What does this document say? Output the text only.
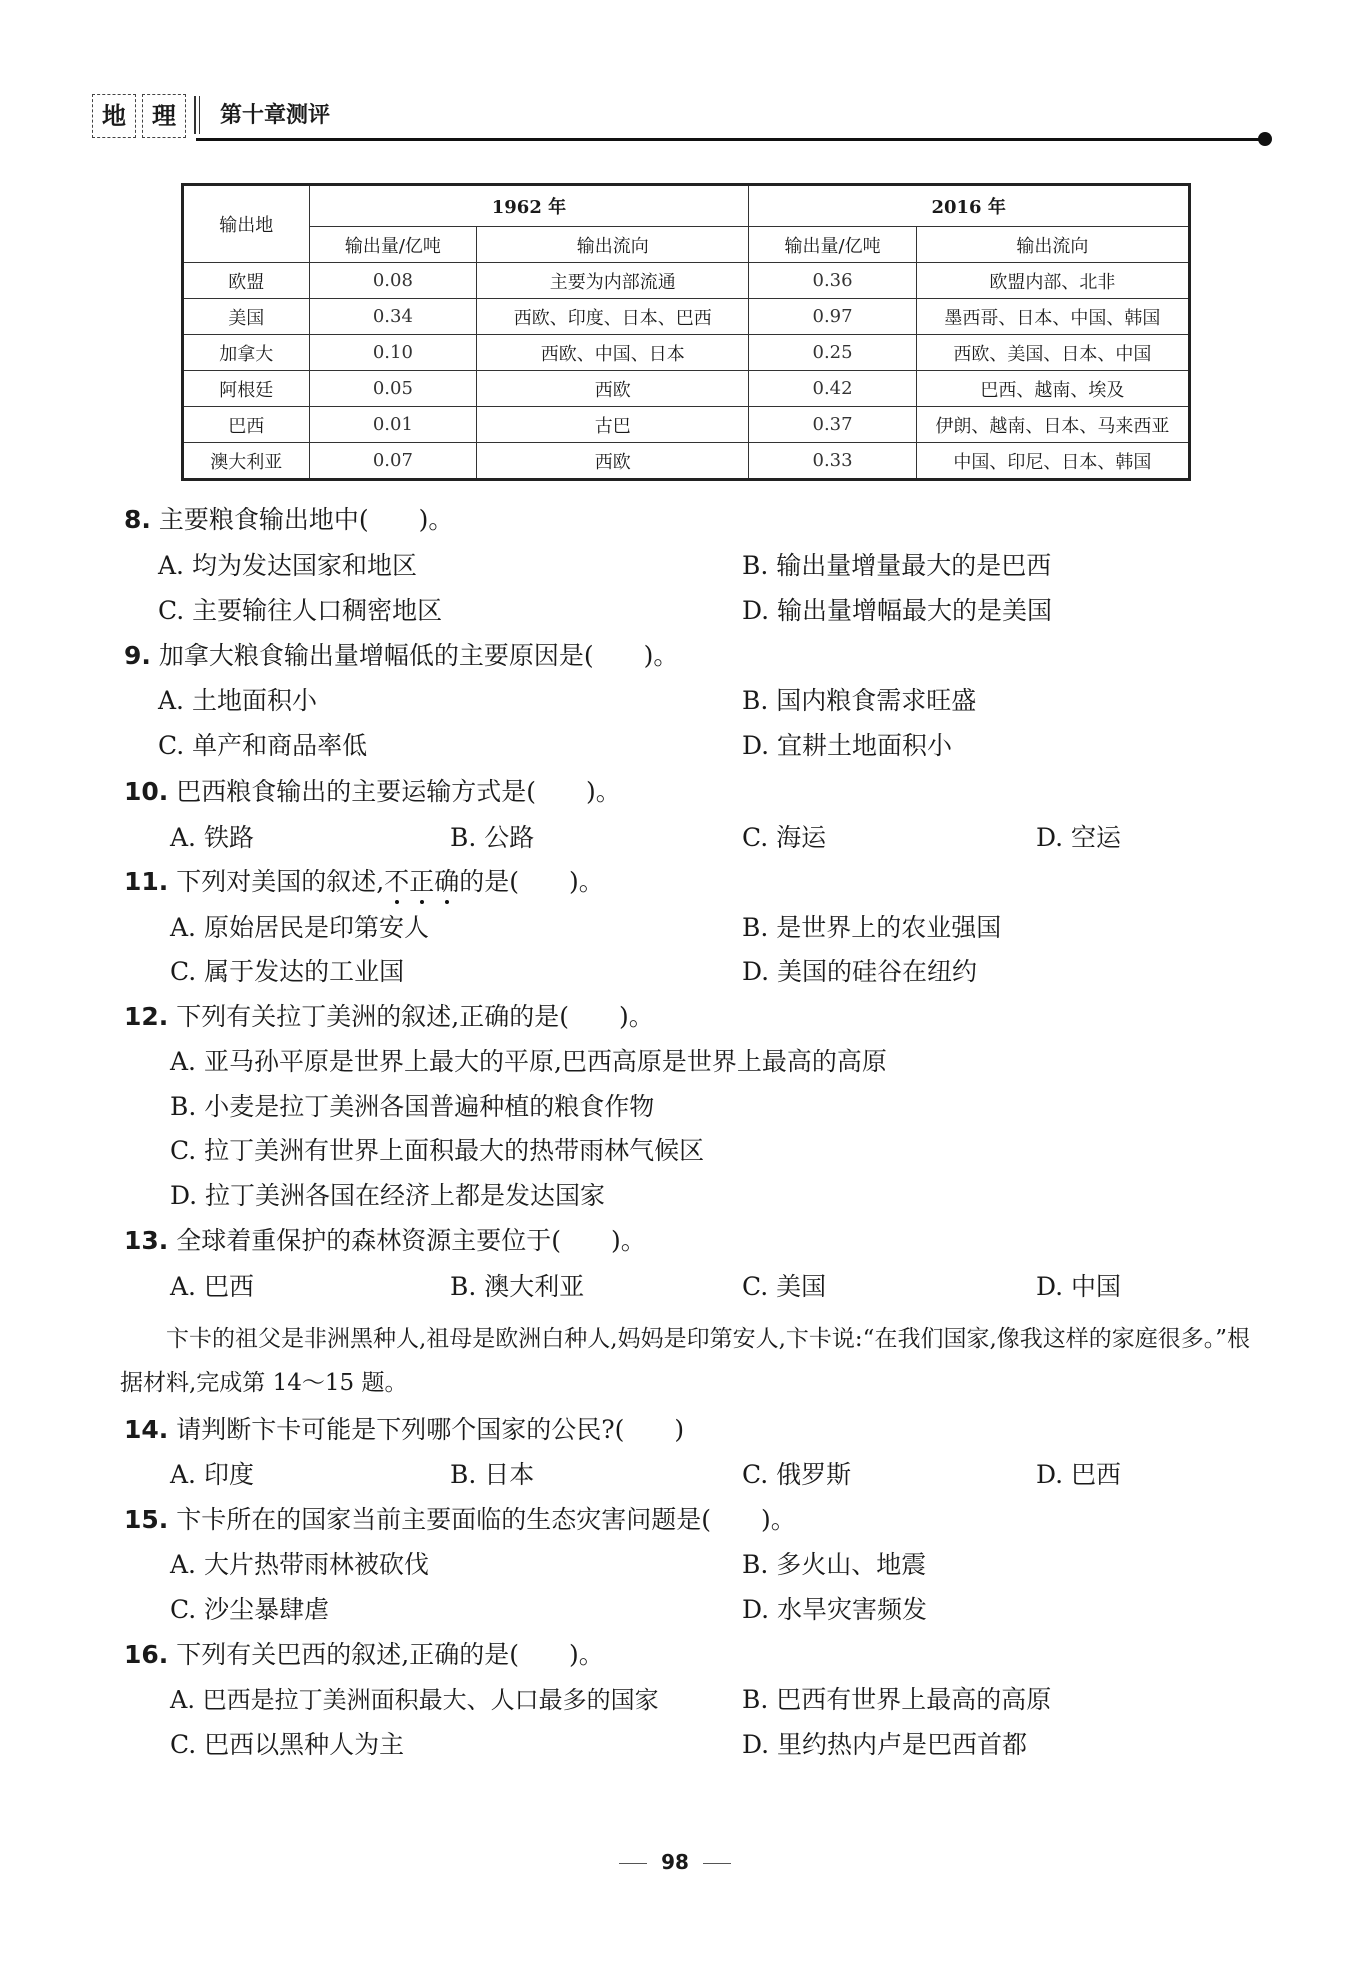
地	理	第十章测评
输出地	1962 年		2016 年	
	输出量/亿吨	输出流向	输出量/亿吨	输出流向
欧盟	0.08	主要为内部流通	0.36	欧盟内部、北非
美国	0.34	西欧、印度、日本、巴西	0.97	墨西哥、日本、中国、韩国
加拿大	0.10	西欧、中国、日本	0.25	西欧、美国、日本、中国
阿根廷	0.05	西欧	0.42	巴西、越南、埃及
巴西	0.01	古巴	0.37	伊朗、越南、日本、马来西亚
澳大利亚	0.07	西欧	0.33	中国、印尼、日本、韩国
8. 主要粮食输出地中(　　)。
A. 均为发达国家和地区	B. 输出量增量最大的是巴西
C. 主要输往人口稠密地区	D. 输出量增幅最大的是美国
9. 加拿大粮食输出量增幅低的主要原因是(　　)。
A. 土地面积小	B. 国内粮食需求旺盛
C. 单产和商品率低	D. 宜耕土地面积小
10. 巴西粮食输出的主要运输方式是(　　)。
A. 铁路	B. 公路	C. 海运	D. 空运
11. 下列对美国的叙述,不正确的是(　　)。
A. 原始居民是印第安人	B. 是世界上的农业强国
C. 属于发达的工业国	D. 美国的硅谷在纽约
12. 下列有关拉丁美洲的叙述,正确的是(　　)。
A. 亚马孙平原是世界上最大的平原,巴西高原是世界上最高的高原
B. 小麦是拉丁美洲各国普遍种植的粮食作物
C. 拉丁美洲有世界上面积最大的热带雨林气候区
D. 拉丁美洲各国在经济上都是发达国家
13. 全球着重保护的森林资源主要位于(　　)。
A. 巴西	B. 澳大利亚	C. 美国	D. 中国
卞卡的祖父是非洲黑种人,祖母是欧洲白种人,妈妈是印第安人,卞卡说:“在我们国家,像我这样的家庭很多。”根据材料,完成第 14～15 题。
14. 请判断卞卡可能是下列哪个国家的公民?(　　)
A. 印度	B. 日本	C. 俄罗斯	D. 巴西
15. 卞卡所在的国家当前主要面临的生态灾害问题是(　　)。
A. 大片热带雨林被砍伐	B. 多火山、地震
C. 沙尘暴肆虐	D. 水旱灾害频发
16. 下列有关巴西的叙述,正确的是(　　)。
A. 巴西是拉丁美洲面积最大、人口最多的国家	B. 巴西有世界上最高的高原
C. 巴西以黑种人为主	D. 里约热内卢是巴西首都
98
